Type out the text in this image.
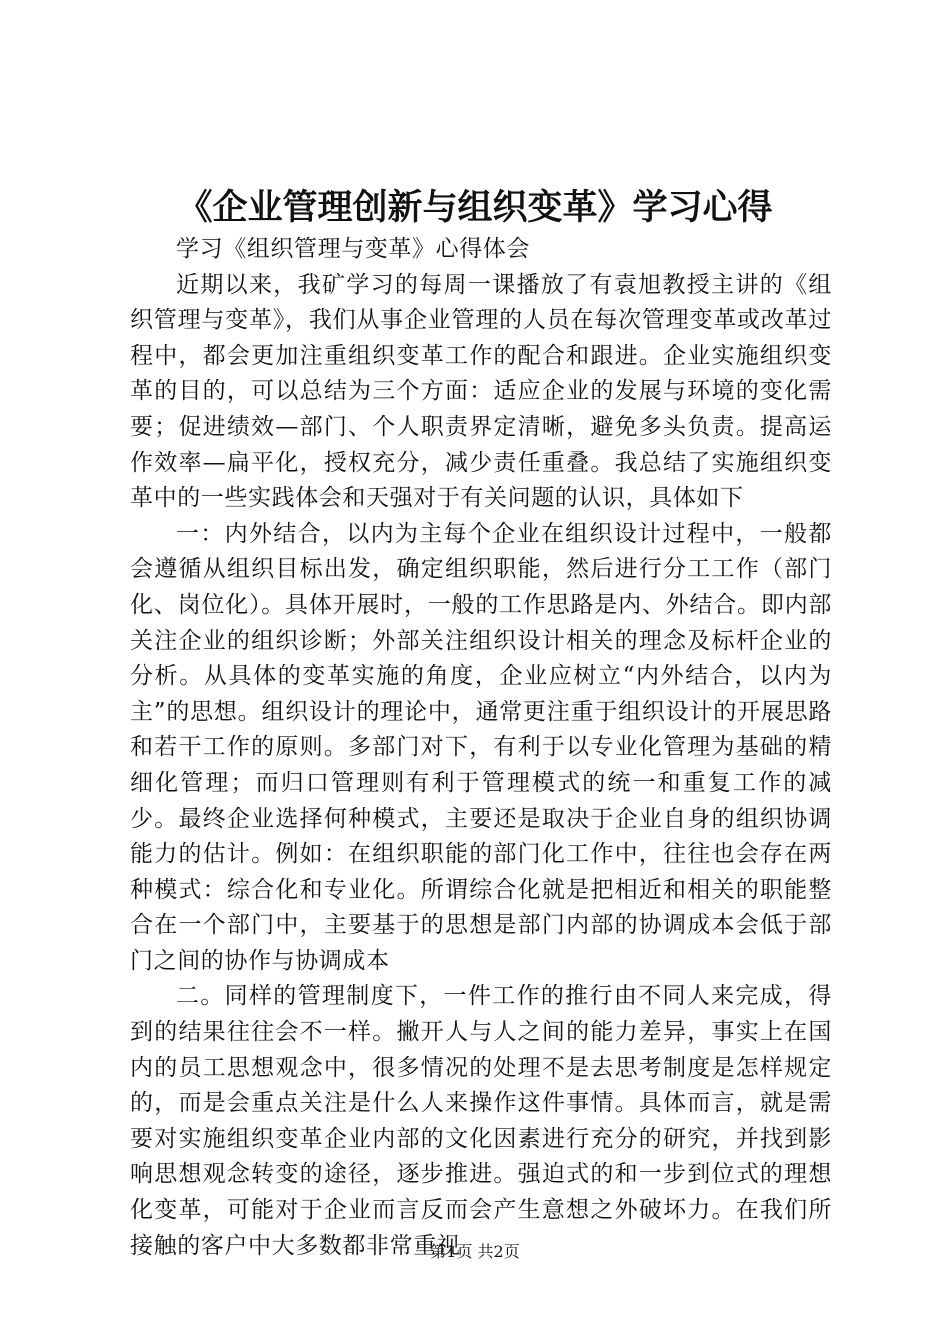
《企业管理创新与组织变革》学习心得

学习《组织管理与变革》心得体会

近期以来，我矿学习的每周一课播放了有袁旭教授主讲的《组织管理与变革》，我们从事企业管理的人员在每次管理变革或改革过程中，都会更加注重组织变革工作的配合和跟进。企业实施组织变革的目的，可以总结为三个方面：适应企业的发展与环境的变化需要；促进绩效—部门、个人职责界定清晰，避免多头负责。提高运作效率—扁平化，授权充分，减少责任重叠。我总结了实施组织变革中的一些实践体会和天强对于有关问题的认识，具体如下

一：内外结合，以内为主每个企业在组织设计过程中，一般都会遵循从组织目标出发，确定组织职能，然后进行分工工作（部门化、岗位化）。具体开展时，一般的工作思路是内、外结合。即内部关注企业的组织诊断；外部关注组织设计相关的理念及标杆企业的分析。从具体的变革实施的角度，企业应树立“内外结合，以内为主”的思想。组织设计的理论中，通常更注重于组织设计的开展思路和若干工作的原则。多部门对下，有利于以专业化管理为基础的精细化管理；而归口管理则有利于管理模式的统一和重复工作的减少。最终企业选择何种模式，主要还是取决于企业自身的组织协调能力的估计。例如：在组织职能的部门化工作中，往往也会存在两种模式：综合化和专业化。所谓综合化就是把相近和相关的职能整合在一个部门中，主要基于的思想是部门内部的协调成本会低于部门之间的协作与协调成本

二。同样的管理制度下，一件工作的推行由不同人来完成，得到的结果往往会不一样。撇开人与人之间的能力差异，事实上在国内的员工思想观念中，很多情况的处理不是去思考制度是怎样规定的，而是会重点关注是什么人来操作这件事情。具体而言，就是需要对实施组织变革企业内部的文化因素进行充分的研究，并找到影响思想观念转变的途径，逐步推进。强迫式的和一步到位式的理想化变革，可能对于企业而言反而会产生意想之外破坏力。在我们所接触的客户中大多数都非常重视

第1页 共2页
